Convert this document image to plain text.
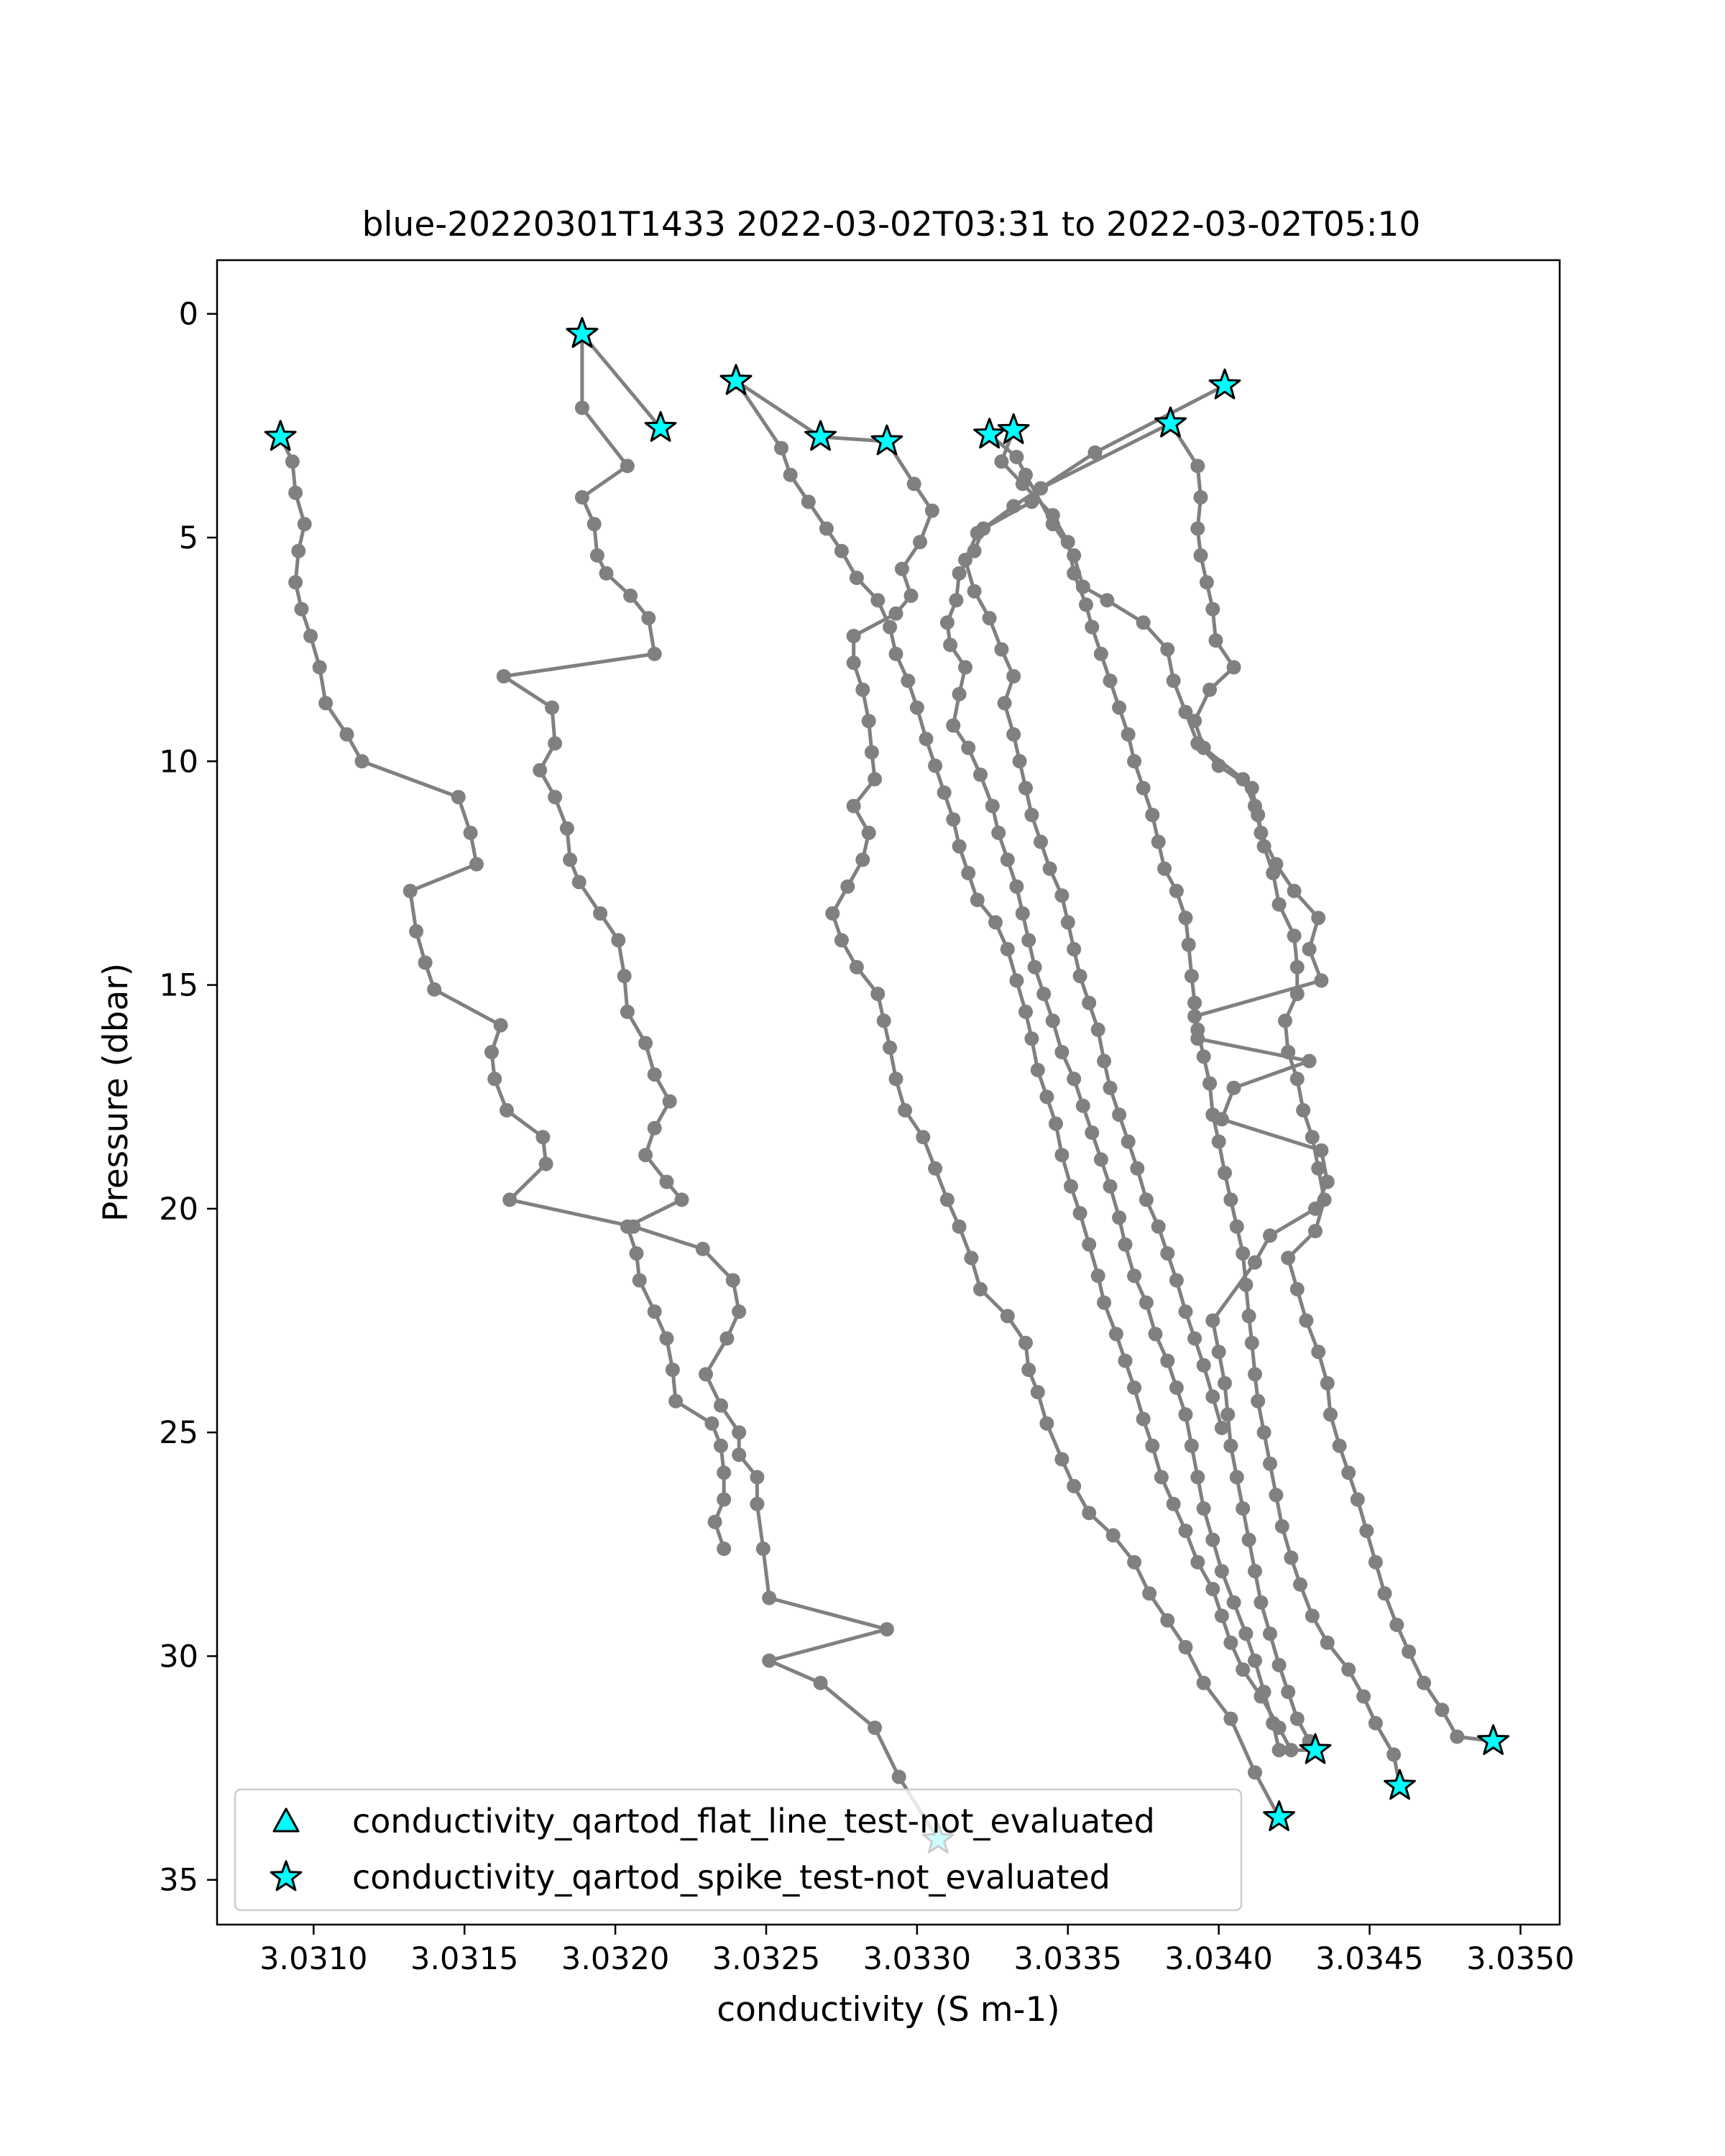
blue-20220301T1433 2022-03-02T03:31 to 2022-03-02T05:10
3.0310 3.0315 3.0320 3.0325 3.0330 3.0335 3.0340 3.0345 3.0350
0
5
10
15
20
25
30
35
conductivity (S m-1)
Pressure (dbar)
conductivity_qartod_flat_line_test-not_evaluated
conductivity_qartod_spike_test-not_evaluated
